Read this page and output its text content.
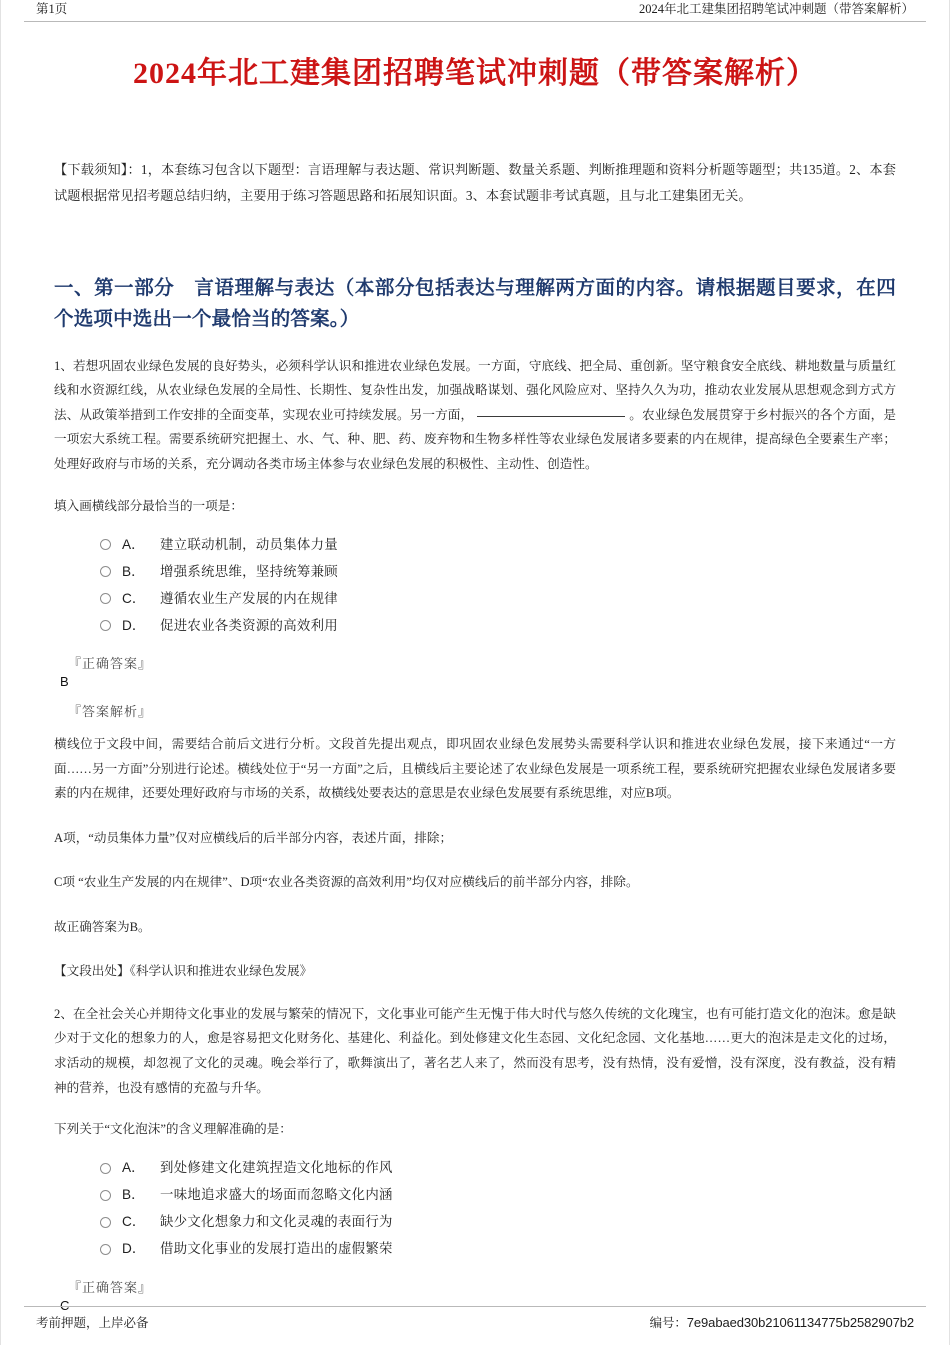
第1页	2024年北工建集团招聘笔试冲刺题（带答案解析）
2024年北工建集团招聘笔试冲刺题（带答案解析）

【下载须知】：1，本套练习包含以下题型：言语理解与表达题、常识判断题、数量关系题、判断推理题和资料分析题等题型；共135道。2、本套试题根据常见招考题总结归纳，主要用于练习答题思路和拓展知识面。3、本套试题非考试真题，且与北工建集团无关。

一、第一部分　言语理解与表达（本部分包括表达与理解两方面的内容。请根据题目要求，在四个选项中选出一个最恰当的答案。）

1、若想巩固农业绿色发展的良好势头，必须科学认识和推进农业绿色发展。一方面，守底线、把全局、重创新。坚守粮食安全底线、耕地数量与质量红线和水资源红线，从农业绿色发展的全局性、长期性、复杂性出发，加强战略谋划、强化风险应对、坚持久久为功，推动农业发展从思想观念到方式方法、从政策举措到工作安排的全面变革，实现农业可持续发展。另一方面，	。农业绿色发展贯穿于乡村振兴的各个方面，是一项宏大系统工程。需要系统研究把握土、水、气、种、肥、药、废弃物和生物多样性等农业绿色发展诸多要素的内在规律，提高绿色全要素生产率；处理好政府与市场的关系，充分调动各类市场主体参与农业绿色发展的积极性、主动性、创造性。

填入画横线部分最恰当的一项是：

A． 建立联动机制，动员集体力量
B． 增强系统思维，坚持统筹兼顾
C． 遵循农业生产发展的内在规律
D． 促进农业各类资源的高效利用
『正确答案』
B
『答案解析』

横线位于文段中间，需要结合前后文进行分析。文段首先提出观点，即巩固农业绿色发展势头需要科学认识和推进农业绿色发展，接下来通过“一方面……另一方面”分别进行论述。横线处位于“另一方面”之后，且横线后主要论述了农业绿色发展是一项系统工程，要系统研究把握农业绿色发展诸多要素的内在规律，还要处理好政府与市场的关系，故横线处要表达的意思是农业绿色发展要有系统思维，对应B项。

A项，“动员集体力量”仅对应横线后的后半部分内容，表述片面，排除；

C项 “农业生产发展的内在规律”、D项“农业各类资源的高效利用”均仅对应横线后的前半部分内容，排除。

故正确答案为B。

【文段出处】《科学认识和推进农业绿色发展》

2、在全社会关心并期待文化事业的发展与繁荣的情况下，文化事业可能产生无愧于伟大时代与悠久传统的文化瑰宝，也有可能打造文化的泡沫。愈是缺少对于文化的想象力的人，愈是容易把文化财务化、基建化、利益化。到处修建文化生态园、文化纪念园、文化基地……更大的泡沫是走文化的过场，求活动的规模，却忽视了文化的灵魂。晚会举行了，歌舞演出了，著名艺人来了，然而没有思考，没有热情，没有爱憎，没有深度，没有教益，没有精神的营养，也没有感情的充盈与升华。

下列关于“文化泡沫”的含义理解准确的是：

A． 到处修建文化建筑捏造文化地标的作风
B． 一味地追求盛大的场面而忽略文化内涵
C． 缺少文化想象力和文化灵魂的表面行为
D． 借助文化事业的发展打造出的虚假繁荣
『正确答案』
C
考前押题，上岸必备	编号：7e9abaed30b21061134775b2582907b2
